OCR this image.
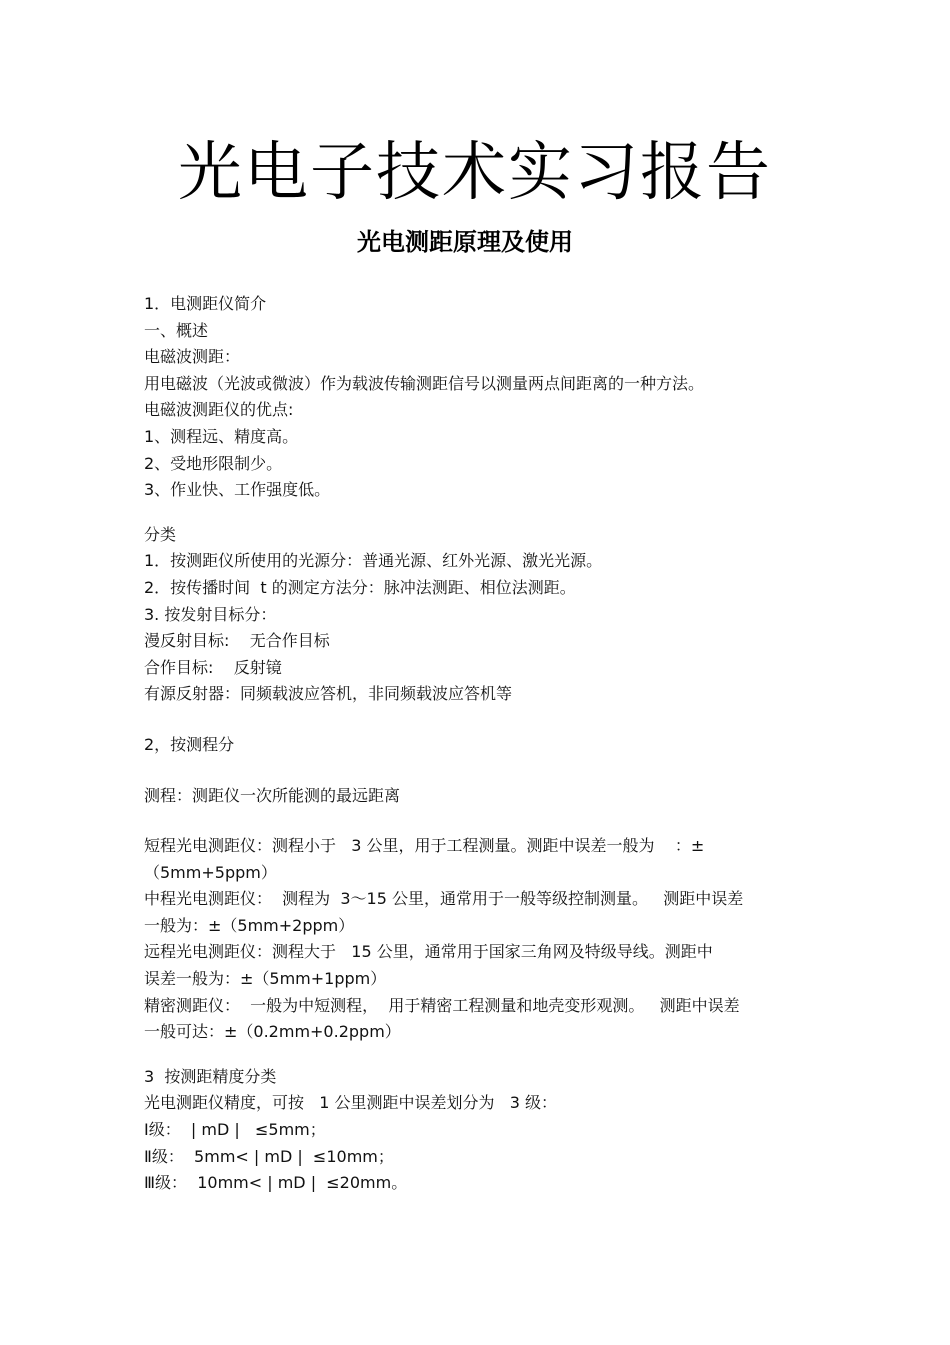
光电子技术实习报告
光电测距原理及使用
1．电测距仪简介
一、概述
电磁波测距：
用电磁波（光波或微波）作为载波传输测距信号以测量两点间距离的一种方法。
电磁波测距仪的优点:
1、测程远、精度高。
2、受地形限制少。
3、作业快、工作强度低。
分类
1．按测距仪所使用的光源分：普通光源、红外光源、激光光源。
2．按传播时间  t 的测定方法分：脉冲法测距、相位法测距。
3. 按发射目标分：
漫反射目标:    无合作目标
合作目标:    反射镜
有源反射器：同频载波应答机，非同频载波应答机等
2，按测程分
测程：测距仪一次所能测的最远距离
短程光电测距仪：测程小于   3 公里，用于工程测量。测距中误差一般为    ：±
（5mm+5ppm）
中程光电测距仪：  测程为  3～15 公里，通常用于一般等级控制测量。   测距中误差
一般为：±（5mm+2ppm）
远程光电测距仪：测程大于   15 公里，通常用于国家三角网及特级导线。测距中
误差一般为：±（5mm+1ppm）
精密测距仪：  一般为中短测程，  用于精密工程测量和地壳变形观测。   测距中误差
一般可达：±（0.2mm+0.2ppm）
3  按测距精度分类
光电测距仪精度，可按   1 公里测距中误差划分为   3 级：
Ⅰ级：  | mD |   ≤5mm；
Ⅱ级：  5mm< | mD |  ≤10mm；
Ⅲ级：  10mm< | mD |  ≤20mm。
